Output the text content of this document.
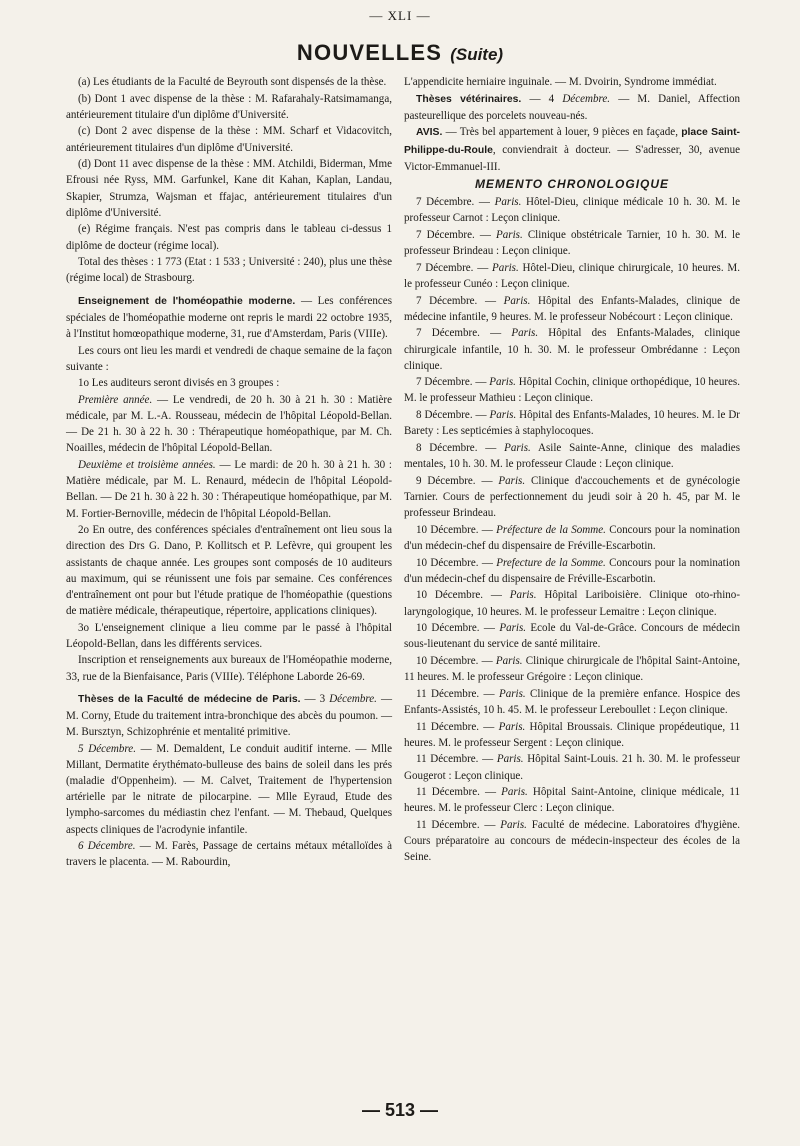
— XLI —
NOUVELLES (Suite)

(a) Les étudiants de la Faculté de Beyrouth sont dispensés de la thèse.

(b) Dont 1 avec dispense de la thèse : M. Rafarahaly-Ratsimamanga, antérieurement titulaire d'un diplôme d'Université.

(c) Dont 2 avec dispense de la thèse : MM. Scharf et Vidacovitch, antérieurement titulaires d'un diplôme d'Université.

(d) Dont 11 avec dispense de la thèse : MM. Atchildi, Biderman, Mme Efrousi née Ryss, MM. Garfunkel, Kane dit Kahan, Kaplan, Landau, Skapier, Strumza, Wajsman et ffajac, antérieurement titulaires d'un diplôme d'Université.

(e) Régime français. N'est pas compris dans le tableau ci-dessus 1 diplôme de docteur (régime local).

Total des thèses : 1 773 (Etat : 1 533 ; Université : 240), plus une thèse (régime local) de Strasbourg.

Enseignement de l'homéopathie moderne. — Les conférences spéciales de l'homéopathie moderne ont repris le mardi 22 octobre 1935, à l'Institut homœopathique moderne, 31, rue d'Amsterdam, Paris (VIIIe).

Les cours ont lieu les mardi et vendredi de chaque semaine de la façon suivante :

1o Les auditeurs seront divisés en 3 groupes :

Première année. — Le vendredi, de 20 h. 30 à 21 h. 30 : Matière médicale, par M. L.-A. Rousseau, médecin de l'hôpital Léopold-Bellan. — De 21 h. 30 à 22 h. 30 : Thérapeutique homéopathique, par M. Ch. Noailles, médecin de l'hôpital Léopold-Bellan.

Deuxième et troisième années. — Le mardi: de 20 h. 30 à 21 h. 30 : Matière médicale, par M. L. Renaurd, médecin de l'hôpital Léopold-Bellan. — De 21 h. 30 à 22 h. 30 : Thérapeutique homéopathique, par M. M. Fortier-Bernoville, médecin de l'hôpital Léopold-Bellan.

2o En outre, des conférences spéciales d'entraînement ont lieu sous la direction des Drs G. Dano, P. Kollitsch et P. Lefèvre, qui groupent les assistants de chaque année. Les groupes sont composés de 10 auditeurs au maximum, qui se réunissent une fois par semaine. Ces conférences d'entraînement ont pour but l'étude pratique de l'homéopathie (questions de matière médicale, thérapeutique, répertoire, applications cliniques).

3o L'enseignement clinique a lieu comme par le passé à l'hôpital Léopold-Bellan, dans les différents services.

Inscription et renseignements aux bureaux de l'Homéopathie moderne, 33, rue de la Bienfaisance, Paris (VIIIe). Téléphone Laborde 26-69.

Thèses de la Faculté de médecine de Paris. — 3 Décembre. — M. Corny, Etude du traitement intra-bronchique des abcès du poumon. — M. Bursztyn, Schizophrénie et mentalité primitive.

5 Décembre. — M. Demaldent, Le conduit auditif interne. — Mlle Millant, Dermatite érythémato-bulleuse des bains de soleil dans les prés (maladie d'Oppenheim). — M. Calvet, Traitement de l'hypertension artérielle par le nitrate de pilocarpine. — Mlle Eyraud, Etude des lympho-sarcomes du médiastin chez l'enfant. — M. Thebaud, Quelques aspects cliniques de l'acrodynie infantile.

6 Décembre. — M. Farès, Passage de certains métaux métalloïdes à travers le placenta. — M. Rabourdin,

L'appendicite herniaire inguinale. — M. Dvoirin, Syndrome immédiat.

Thèses vétérinaires. — 4 Décembre. — M. Daniel, Affection pasteurellique des porcelets nouveau-nés.

AVIS. — Très bel appartement à louer, 9 pièces en façade, place Saint-Philippe-du-Roule, conviendrait à docteur. — S'adresser, 30, avenue Victor-Emmanuel-III.

MEMENTO CHRONOLOGIQUE

7 Décembre. — Paris. Hôtel-Dieu, clinique médicale 10 h. 30. M. le professeur Carnot : Leçon clinique.

7 Décembre. — Paris. Clinique obstétricale Tarnier, 10 h. 30. M. le professeur Brindeau : Leçon clinique.

7 Décembre. — Paris. Hôtel-Dieu, clinique chirurgicale, 10 heures. M. le professeur Cunéo : Leçon clinique.

7 Décembre. — Paris. Hôpital des Enfants-Malades, clinique de médecine infantile, 9 heures. M. le professeur Nobécourt : Leçon clinique.

7 Décembre. — Paris. Hôpital des Enfants-Malades, clinique chirurgicale infantile, 10 h. 30. M. le professeur Ombrédanne : Leçon clinique.

7 Décembre. — Paris. Hôpital Cochin, clinique orthopédique, 10 heures. M. le professeur Mathieu : Leçon clinique.

8 Décembre. — Paris. Hôpital des Enfants-Malades, 10 heures. M. le Dr Barety : Les septicémies à staphylocoques.

8 Décembre. — Paris. Asile Sainte-Anne, clinique des maladies mentales, 10 h. 30. M. le professeur Claude : Leçon clinique.

9 Décembre. — Paris. Clinique d'accouchements et de gynécologie Tarnier. Cours de perfectionnement du jeudi soir à 20 h. 45, par M. le professeur Brindeau.

10 Décembre. — Préfecture de la Somme. Concours pour la nomination d'un médecin-chef du dispensaire de Fréville-Escarbotin.

10 Décembre. — Prefecture de la Somme. Concours pour la nomination d'un médecin-chef du dispensaire de Fréville-Escarbotin.

10 Décembre. — Paris. Hôpital Lariboisière. Clinique oto-rhino-laryngologique, 10 heures. M. le professeur Lemaitre : Leçon clinique.

10 Décembre. — Paris. Ecole du Val-de-Grâce. Concours de médecin sous-lieutenant du service de santé militaire.

10 Décembre. — Paris. Clinique chirurgicale de l'hôpital Saint-Antoine, 11 heures. M. le professeur Grégoire : Leçon clinique.

11 Décembre. — Paris. Clinique de la première enfance. Hospice des Enfants-Assistés, 10 h. 45. M. le professeur Lereboullet : Leçon clinique.

11 Décembre. — Paris. Hôpital Broussais. Clinique propédeutique, 11 heures. M. le professeur Sergent : Leçon clinique.

11 Décembre. — Paris. Hôpital Saint-Louis. 21 h. 30. M. le professeur Gougerot : Leçon clinique.

11 Décembre. — Paris. Hôpital Saint-Antoine, clinique médicale, 11 heures. M. le professeur Clerc : Leçon clinique.

11 Décembre. — Paris. Faculté de médecine. Laboratoires d'hygiène. Cours préparatoire au concours de médecin-inspecteur des écoles de la Seine.

— 513 —
